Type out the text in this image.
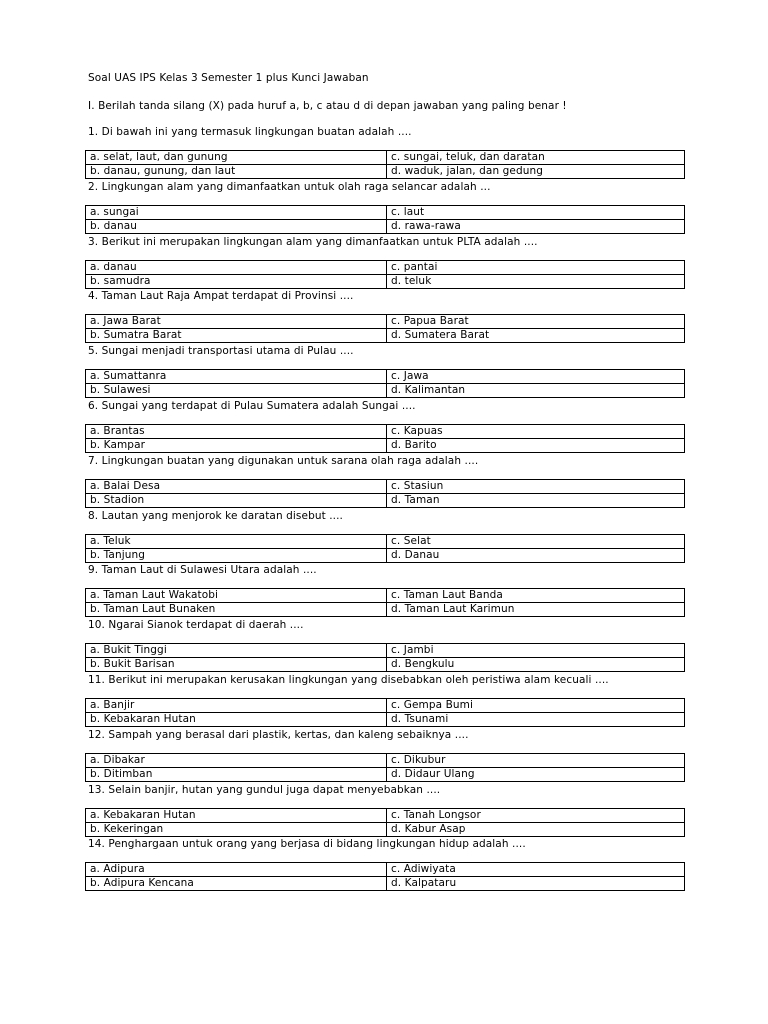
Soal UAS IPS Kelas 3 Semester 1 plus Kunci Jawaban
I. Berilah tanda silang (X) pada huruf a, b, c atau d di depan jawaban yang paling benar !
1. Di bawah ini yang termasuk lingkungan buatan adalah ....
a. selat, laut, dan gunung	c. sungai, teluk, dan daratan
b. danau, gunung, dan laut	d. waduk, jalan, dan gedung
2. Lingkungan alam yang dimanfaatkan untuk olah raga selancar adalah ...
a. sungai	c. laut
b. danau	d. rawa-rawa
3. Berikut ini merupakan lingkungan alam yang dimanfaatkan untuk PLTA adalah ....
a. danau	c. pantai
b. samudra	d. teluk
4. Taman Laut Raja Ampat terdapat di Provinsi ....
a. Jawa Barat	c. Papua Barat
b. Sumatra Barat	d. Sumatera Barat
5. Sungai menjadi transportasi utama di Pulau ....
a. Sumattanra	c. Jawa
b. Sulawesi	d. Kalimantan
6. Sungai yang terdapat di Pulau Sumatera adalah Sungai ....
a. Brantas	c. Kapuas
b. Kampar	d. Barito
7. Lingkungan buatan yang digunakan untuk sarana olah raga adalah ....
a. Balai Desa	c. Stasiun
b. Stadion	d. Taman
8. Lautan yang menjorok ke daratan disebut ....
a. Teluk	c. Selat
b. Tanjung	d. Danau
9. Taman Laut di Sulawesi Utara adalah ....
a. Taman Laut Wakatobi	c. Taman Laut Banda
b. Taman Laut Bunaken	d. Taman Laut Karimun
10. Ngarai Sianok terdapat di daerah ....
a. Bukit Tinggi	c. Jambi
b. Bukit Barisan	d. Bengkulu
11. Berikut ini merupakan kerusakan lingkungan yang disebabkan oleh peristiwa alam kecuali ....
a. Banjir	c. Gempa Bumi
b. Kebakaran Hutan	d. Tsunami
12. Sampah yang berasal dari plastik, kertas, dan kaleng sebaiknya ....
a. Dibakar	c. Dikubur
b. Ditimban	d. Didaur Ulang
13. Selain banjir, hutan yang gundul juga dapat menyebabkan ....
a. Kebakaran Hutan	c. Tanah Longsor
b. Kekeringan	d. Kabur Asap
14. Penghargaan untuk orang yang berjasa di bidang lingkungan hidup adalah ....
a. Adipura	c. Adiwiyata
b. Adipura Kencana	d. Kalpataru
